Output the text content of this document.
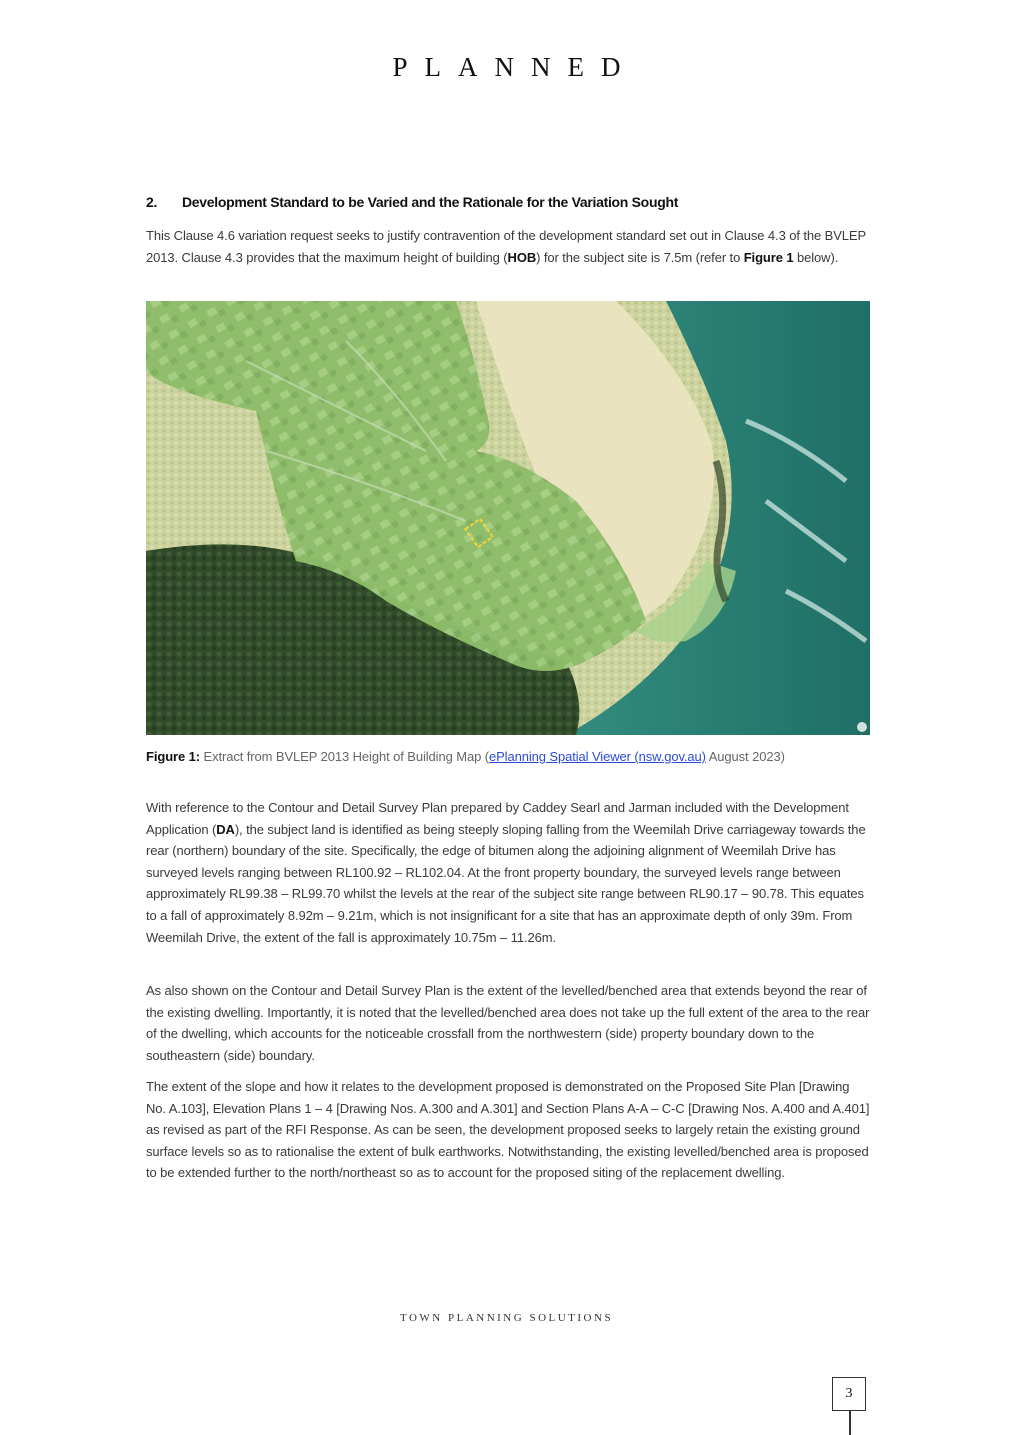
PLANNED
2. Development Standard to be Varied and the Rationale for the Variation Sought

This Clause 4.6 variation request seeks to justify contravention of the development standard set out in Clause 4.3 of the BVLEP 2013. Clause 4.3 provides that the maximum height of building (HOB) for the subject site is 7.5m (refer to Figure 1 below).

Figure 1: Extract from BVLEP 2013 Height of Building Map (ePlanning Spatial Viewer (nsw.gov.au) August 2023)

With reference to the Contour and Detail Survey Plan prepared by Caddey Searl and Jarman included with the Development Application (DA), the subject land is identified as being steeply sloping falling from the Weemilah Drive carriageway towards the rear (northern) boundary of the site. Specifically, the edge of bitumen along the adjoining alignment of Weemilah Drive has surveyed levels ranging between RL100.92 – RL102.04. At the front property boundary, the surveyed levels range between approximately RL99.38 – RL99.70 whilst the levels at the rear of the subject site range between RL90.17 – 90.78. This equates to a fall of approximately 8.92m – 9.21m, which is not insignificant for a site that has an approximate depth of only 39m. From Weemilah Drive, the extent of the fall is approximately 10.75m – 11.26m.

As also shown on the Contour and Detail Survey Plan is the extent of the levelled/benched area that extends beyond the rear of the existing dwelling. Importantly, it is noted that the levelled/benched area does not take up the full extent of the area to the rear of the dwelling, which accounts for the noticeable crossfall from the northwestern (side) property boundary down to the southeastern (side) boundary.

The extent of the slope and how it relates to the development proposed is demonstrated on the Proposed Site Plan [Drawing No. A.103], Elevation Plans 1 – 4 [Drawing Nos. A.300 and A.301] and Section Plans A-A – C-C [Drawing Nos. A.400 and A.401] as revised as part of the RFI Response. As can be seen, the development proposed seeks to largely retain the existing ground surface levels so as to rationalise the extent of bulk earthworks. Notwithstanding, the existing levelled/benched area is proposed to be extended further to the north/northeast so as to account for the proposed siting of the replacement dwelling.

TOWN PLANNING SOLUTIONS
3
